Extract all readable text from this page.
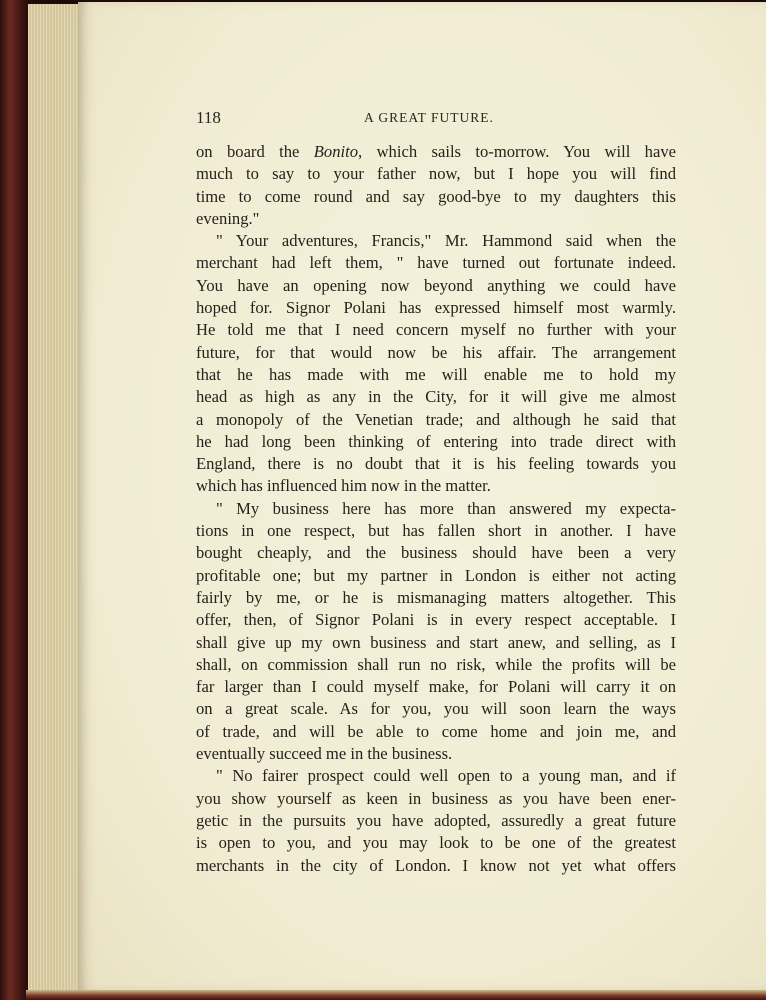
118	A GREAT FUTURE.
on board the Bonito, which sails to-morrow. You will have
much to say to your father now, but I hope you will find
time to come round and say good-bye to my daughters this
evening."
" Your adventures, Francis," Mr. Hammond said when the
merchant had left them, " have turned out fortunate indeed.
You have an opening now beyond anything we could have
hoped for. Signor Polani has expressed himself most warmly.
He told me that I need concern myself no further with your
future, for that would now be his affair. The arrangement
that he has made with me will enable me to hold my
head as high as any in the City, for it will give me almost
a monopoly of the Venetian trade; and although he said that
he had long been thinking of entering into trade direct with
England, there is no doubt that it is his feeling towards you
which has influenced him now in the matter.
" My business here has more than answered my expecta-
tions in one respect, but has fallen short in another. I have
bought cheaply, and the business should have been a very
profitable one; but my partner in London is either not acting
fairly by me, or he is mismanaging matters altogether. This
offer, then, of Signor Polani is in every respect acceptable. I
shall give up my own business and start anew, and selling, as I
shall, on commission shall run no risk, while the profits will be
far larger than I could myself make, for Polani will carry it on
on a great scale. As for you, you will soon learn the ways
of trade, and will be able to come home and join me, and
eventually succeed me in the business.
" No fairer prospect could well open to a young man, and if
you show yourself as keen in business as you have been ener-
getic in the pursuits you have adopted, assuredly a great future
is open to you, and you may look to be one of the greatest
merchants in the city of London. I know not yet what offers
